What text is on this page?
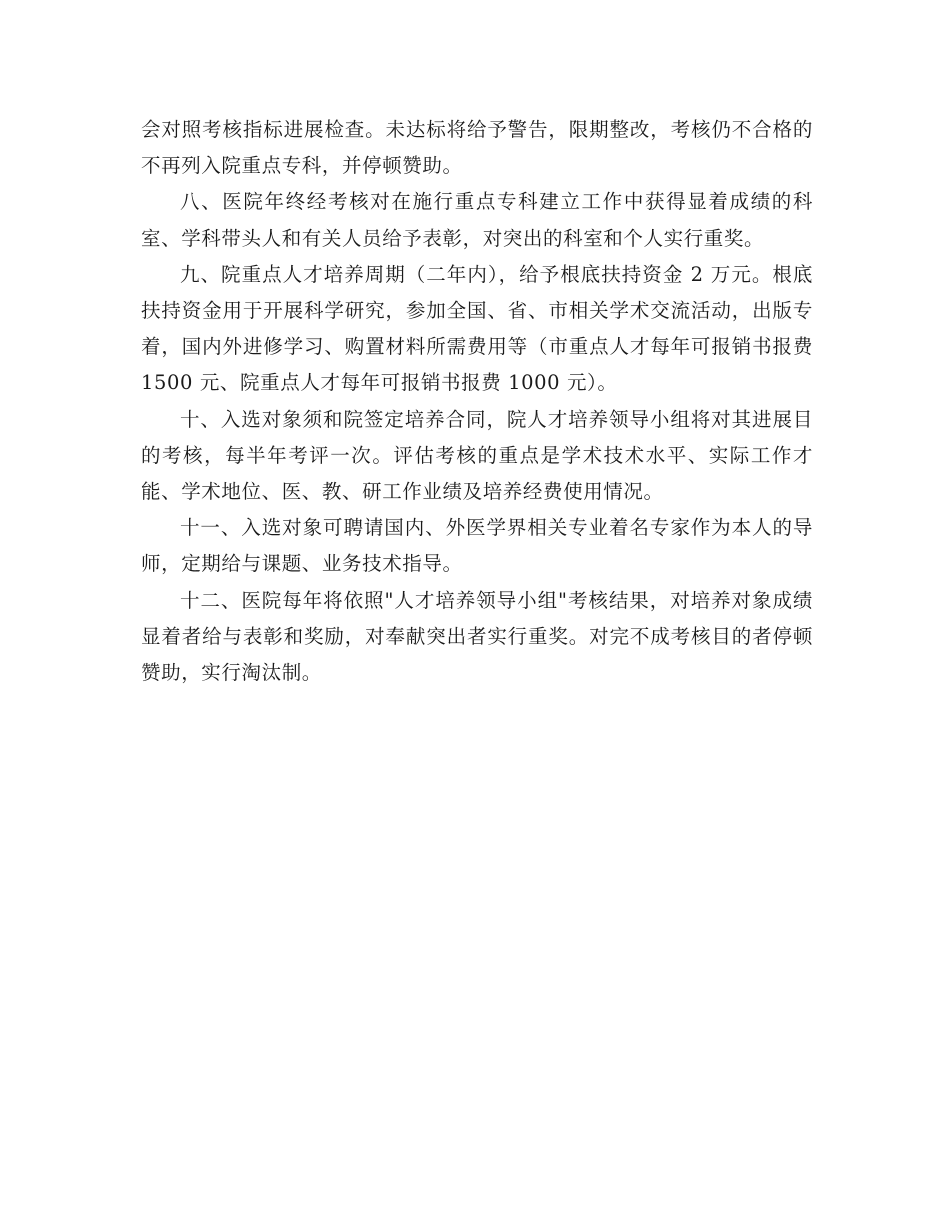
会对照考核指标进展检查。未达标将给予警告，限期整改，考核仍不合格的不再列入院重点专科，并停顿赞助。

八、医院年终经考核对在施行重点专科建立工作中获得显着成绩的科室、学科带头人和有关人员给予表彰，对突出的科室和个人实行重奖。

九、院重点人才培养周期（二年内），给予根底扶持资金 2 万元。根底扶持资金用于开展科学研究，参加全国、省、市相关学术交流活动，出版专着，国内外进修学习、购置材料所需费用等（市重点人才每年可报销书报费 1500 元、院重点人才每年可报销书报费 1000 元）。

十、入选对象须和院签定培养合同，院人才培养领导小组将对其进展目的考核，每半年考评一次。评估考核的重点是学术技术水平、实际工作才能、学术地位、医、教、研工作业绩及培养经费使用情况。

十一、入选对象可聘请国内、外医学界相关专业着名专家作为本人的导师，定期给与课题、业务技术指导。

十二、医院每年将依照"人才培养领导小组"考核结果，对培养对象成绩显着者给与表彰和奖励，对奉献突出者实行重奖。对完不成考核目的者停顿赞助，实行淘汰制。
